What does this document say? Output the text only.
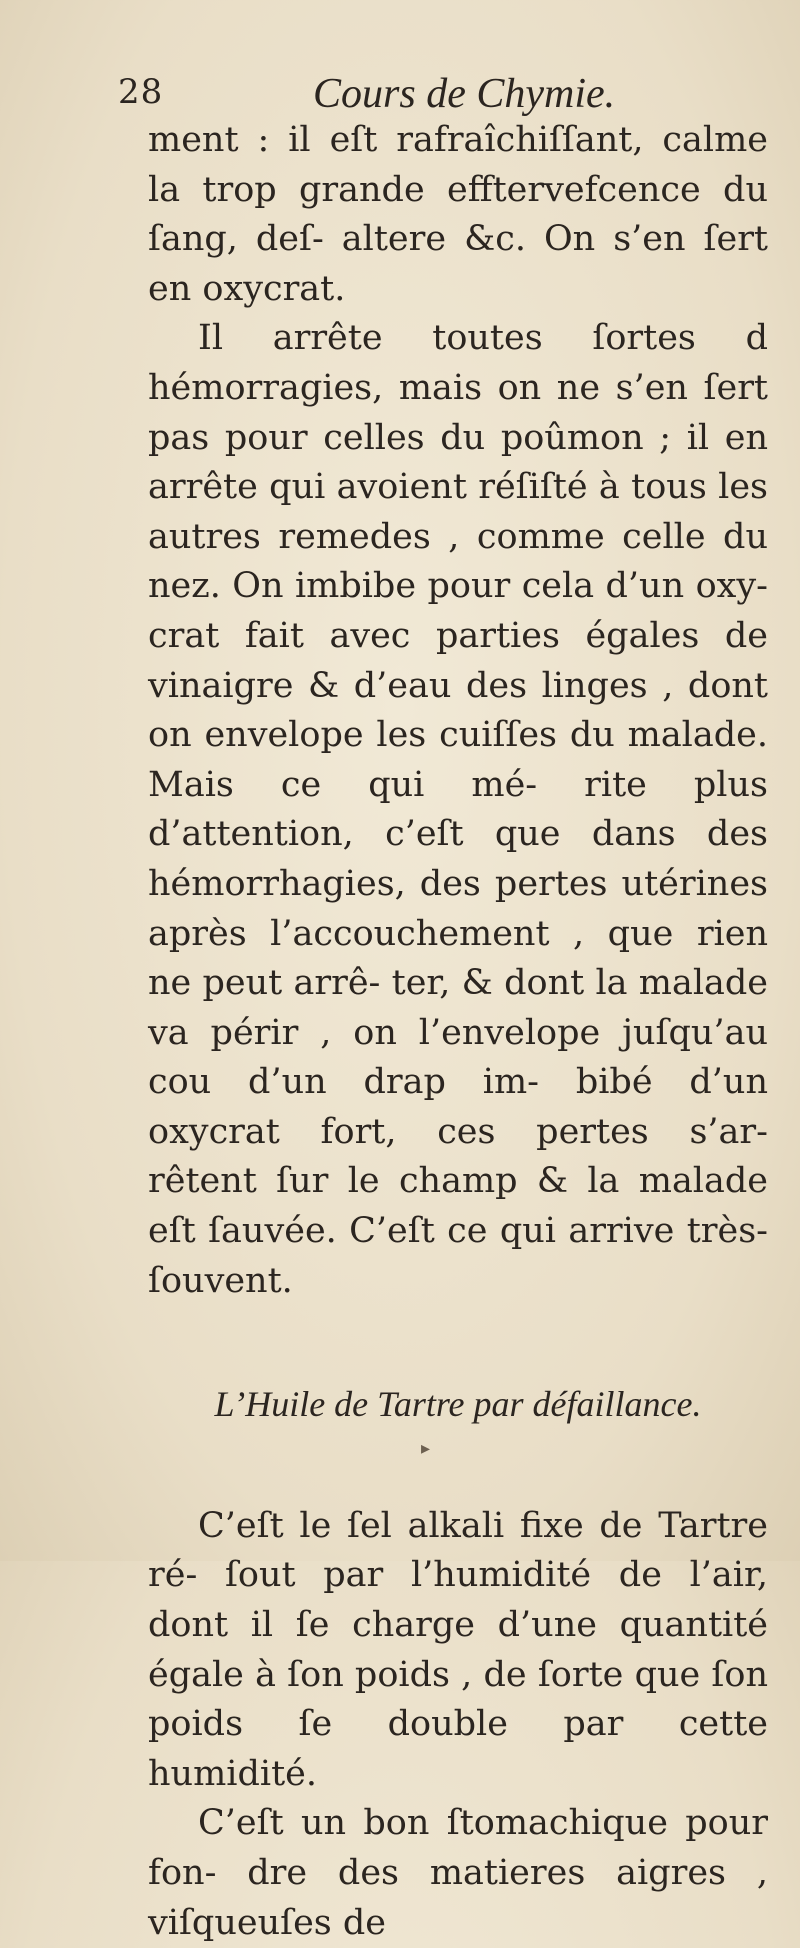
28	Cours de Chymie.

ment : il eſt rafraîchiſſant, calme la trop grande efftervefcence du ſang, deſ- altere &c. On s’en ſert en oxycrat.

Il arrête toutes ſortes d hémorragies, mais on ne s’en ſert pas pour celles du poûmon ; il en arrête qui avoient réſiſté à tous les autres remedes , comme celle du nez. On imbibe pour cela d’un oxy- crat fait avec parties égales de vinaigre & d’eau des linges , dont on envelope les cuiſſes du malade. Mais ce qui mé- rite plus d’attention, c’eſt que dans des hémorrhagies, des pertes utérines après l’accouchement , que rien ne peut arrê- ter, & dont la malade va périr , on l’envelope juſqu’au cou d’un drap im- bibé d’un oxycrat fort, ces pertes s’ar- rêtent ſur le champ & la malade eſt ſauvée. C’eſt ce qui arrive très-ſouvent.

L’Huile de Tartre par défaillance.

C’eſt le ſel alkali fixe de Tartre ré- ſout par l’humidité de l’air, dont il ſe charge d’une quantité égale à ſon poids , de ſorte que ſon poids ſe double par cette humidité.

C’eſt un bon ſtomachique pour fon- dre des matieres aigres , viſqueuſes de

▸
